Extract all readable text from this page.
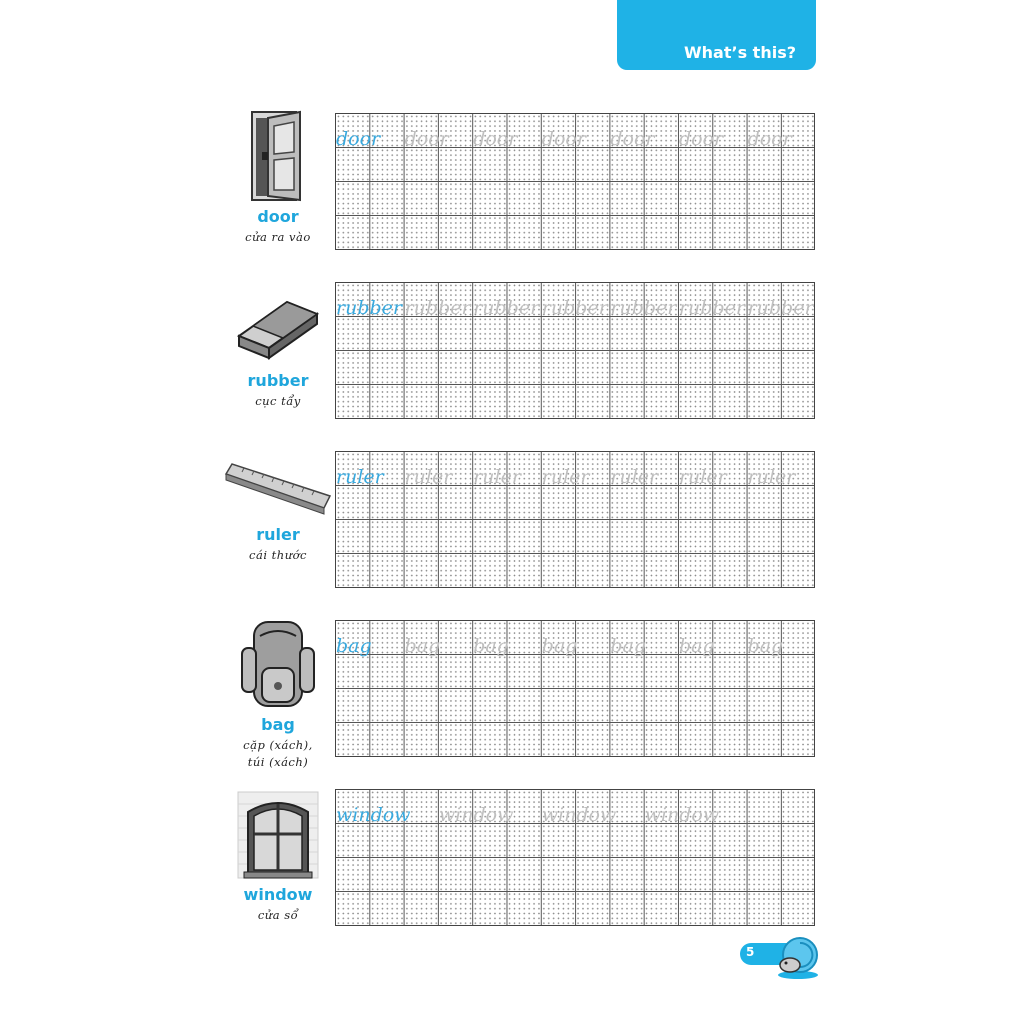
What’s this?
door
cửa ra vào
rubber
cục tẩy
ruler
cái thước
bag
cặp (xách),
túi (xách)
window
cửa sổ
door door door door door door door
rubber rubber rubber rubber rubber rubber rubber
ruler ruler ruler ruler ruler ruler ruler
bag bag bag bag bag bag bag
window window window window
5
